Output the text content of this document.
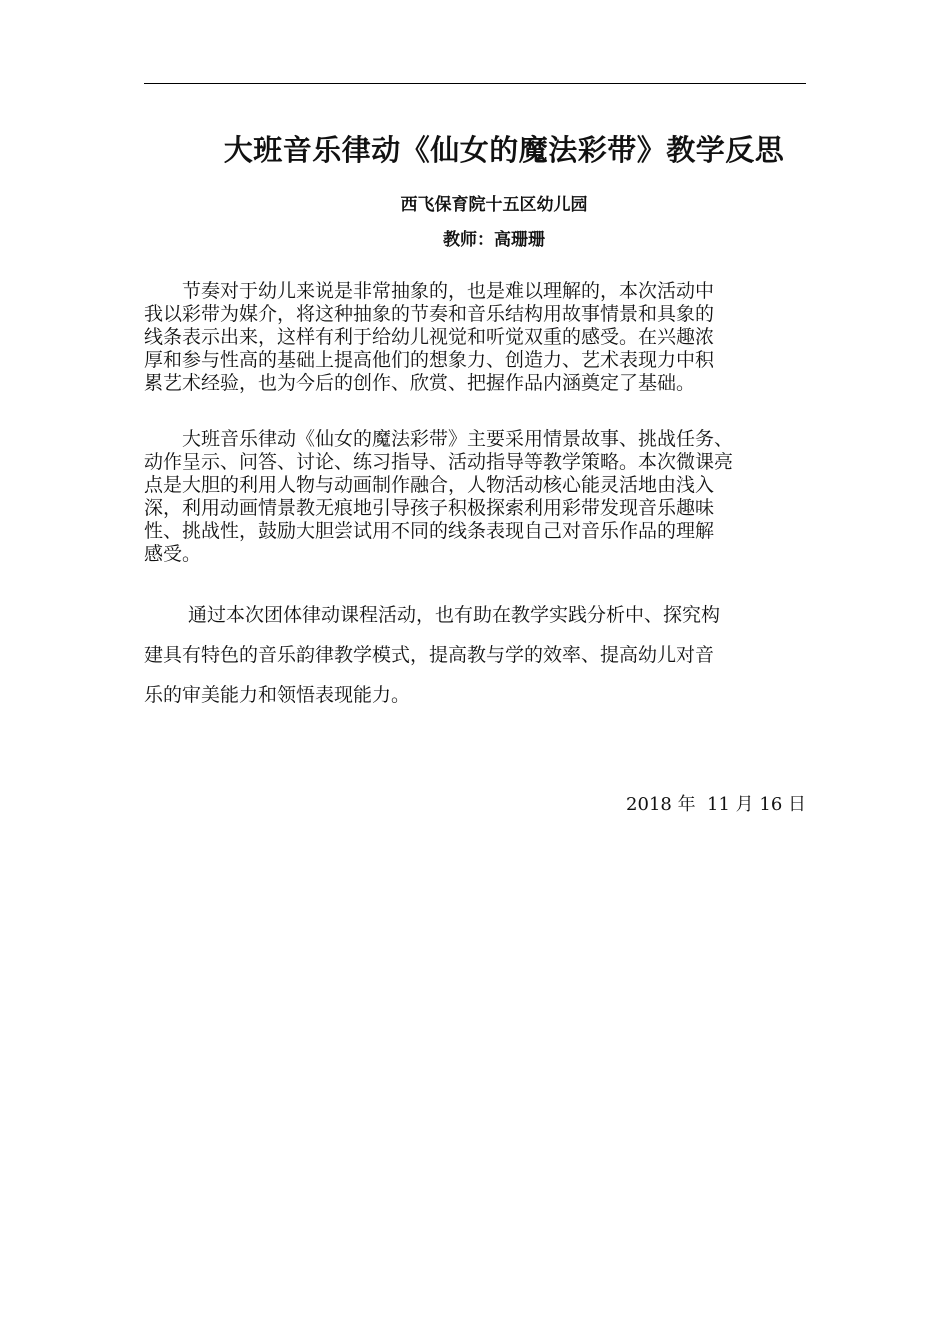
大班音乐律动《仙女的魔法彩带》教学反思
西飞保育院十五区幼儿园
教师：高珊珊
　　节奏对于幼儿来说是非常抽象的，也是难以理解的，本次活动中
我以彩带为媒介，将这种抽象的节奏和音乐结构用故事情景和具象的
线条表示出来，这样有利于给幼儿视觉和听觉双重的感受。在兴趣浓
厚和参与性高的基础上提高他们的想象力、创造力、艺术表现力中积
累艺术经验，也为今后的创作、欣赏、把握作品内涵奠定了基础。
　　大班音乐律动《仙女的魔法彩带》主要采用情景故事、挑战任务、
动作呈示、问答、讨论、练习指导、活动指导等教学策略。本次微课亮
点是大胆的利用人物与动画制作融合，人物活动核心能灵活地由浅入
深，利用动画情景教无痕地引导孩子积极探索利用彩带发现音乐趣味
性、挑战性，鼓励大胆尝试用不同的线条表现自己对音乐作品的理解
感受。
　　 通过本次团体律动课程活动，也有助在教学实践分析中、探究构
建具有特色的音乐韵律教学模式，提高教与学的效率、提高幼儿对音
乐的审美能力和领悟表现能力。
2018 年  11 月 16 日
